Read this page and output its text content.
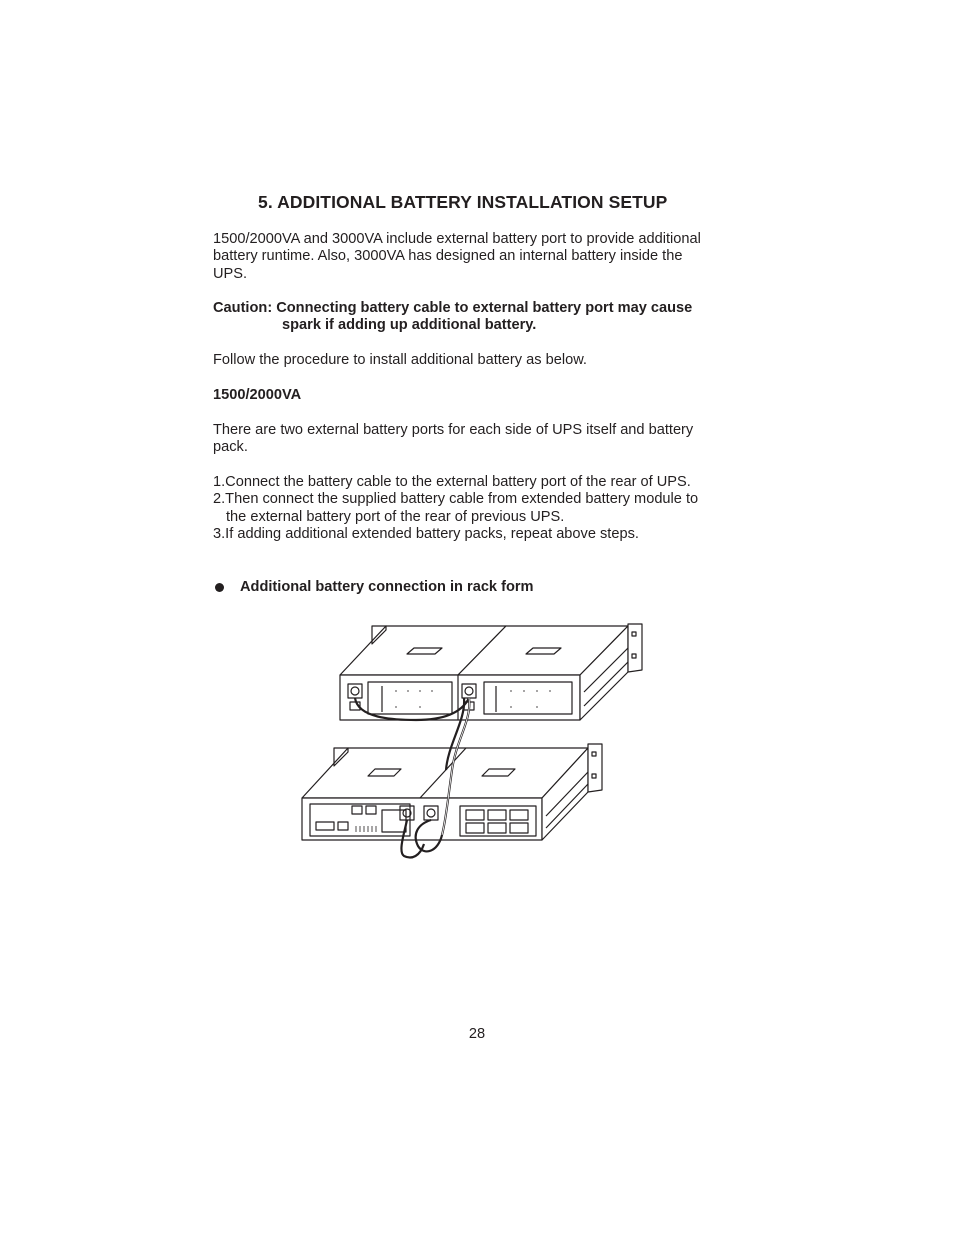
5. ADDITIONAL BATTERY INSTALLATION SETUP
1500/2000VA and 3000VA include external battery port to provide additional
battery runtime. Also, 3000VA has designed an internal battery inside the
UPS.
Caution: Connecting battery cable to external battery port may cause
spark if adding up additional battery.
Follow the procedure to install additional battery as below.
1500/2000VA
There are two external battery ports for each side of UPS itself and battery
pack.
1.Connect the battery cable to the external battery port of the rear of UPS.
2.Then connect the supplied battery cable from extended battery module to
the external battery port of the rear of previous UPS.
3.If adding additional extended battery packs, repeat above steps.
Additional battery connection in rack form
28
